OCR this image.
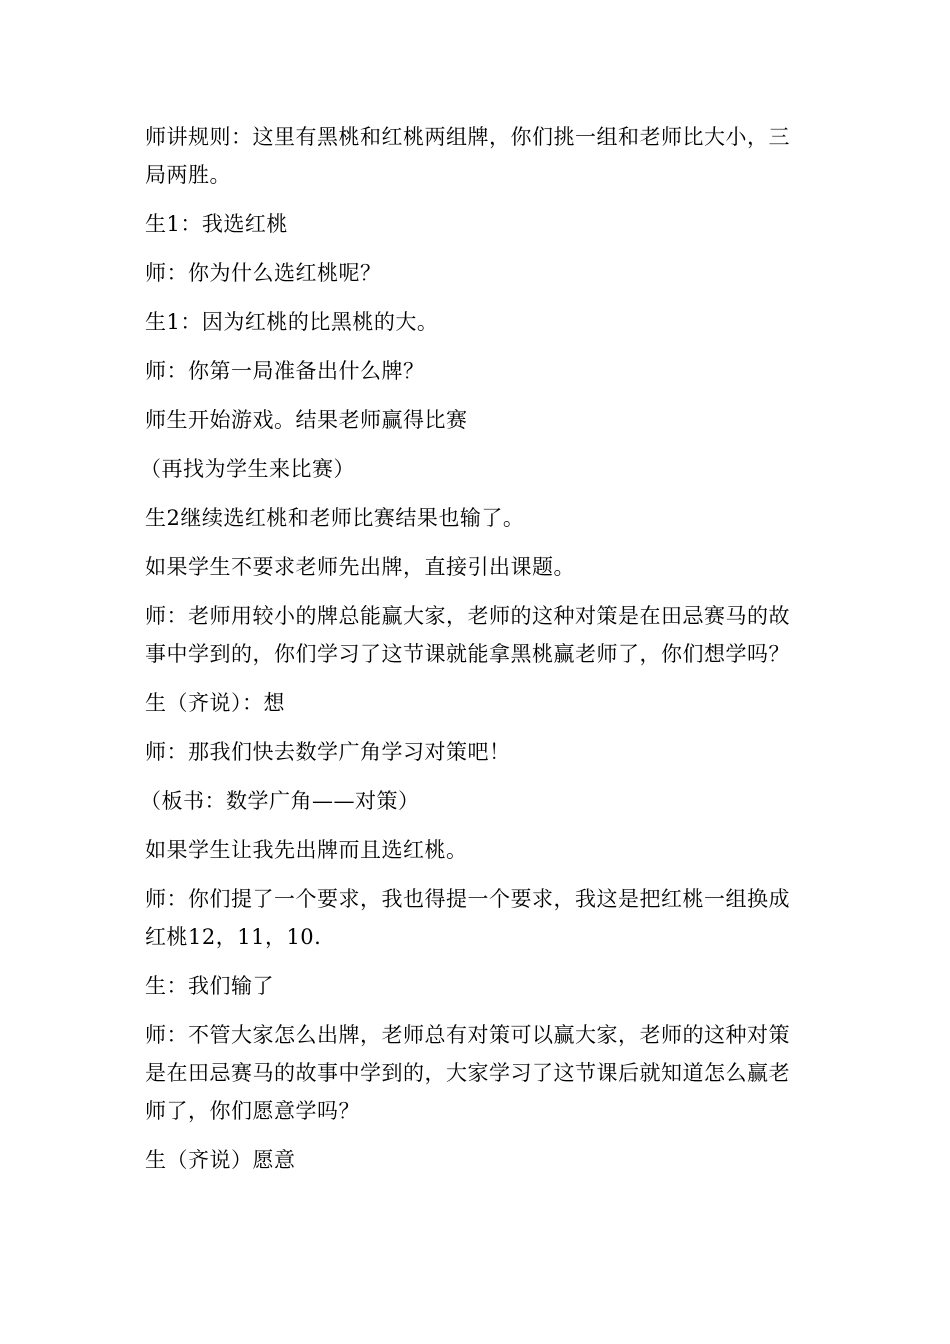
师讲规则：这里有黑桃和红桃两组牌，你们挑一组和老师比大小，三局两胜。

生1：我选红桃

师：你为什么选红桃呢？

生1：因为红桃的比黑桃的大。

师：你第一局准备出什么牌？

师生开始游戏。结果老师赢得比赛

（再找为学生来比赛）

生2继续选红桃和老师比赛结果也输了。

如果学生不要求老师先出牌，直接引出课题。

师：老师用较小的牌总能赢大家，老师的这种对策是在田忌赛马的故事中学到的，你们学习了这节课就能拿黑桃赢老师了，你们想学吗？

生（齐说）：想

师：那我们快去数学广角学习对策吧！

（板书：数学广角——对策）

如果学生让我先出牌而且选红桃。

师：你们提了一个要求，我也得提一个要求，我这是把红桃一组换成红桃12，11，10.

生：我们输了

师：不管大家怎么出牌，老师总有对策可以赢大家，老师的这种对策是在田忌赛马的故事中学到的，大家学习了这节课后就知道怎么赢老师了，你们愿意学吗？

生（齐说）愿意
